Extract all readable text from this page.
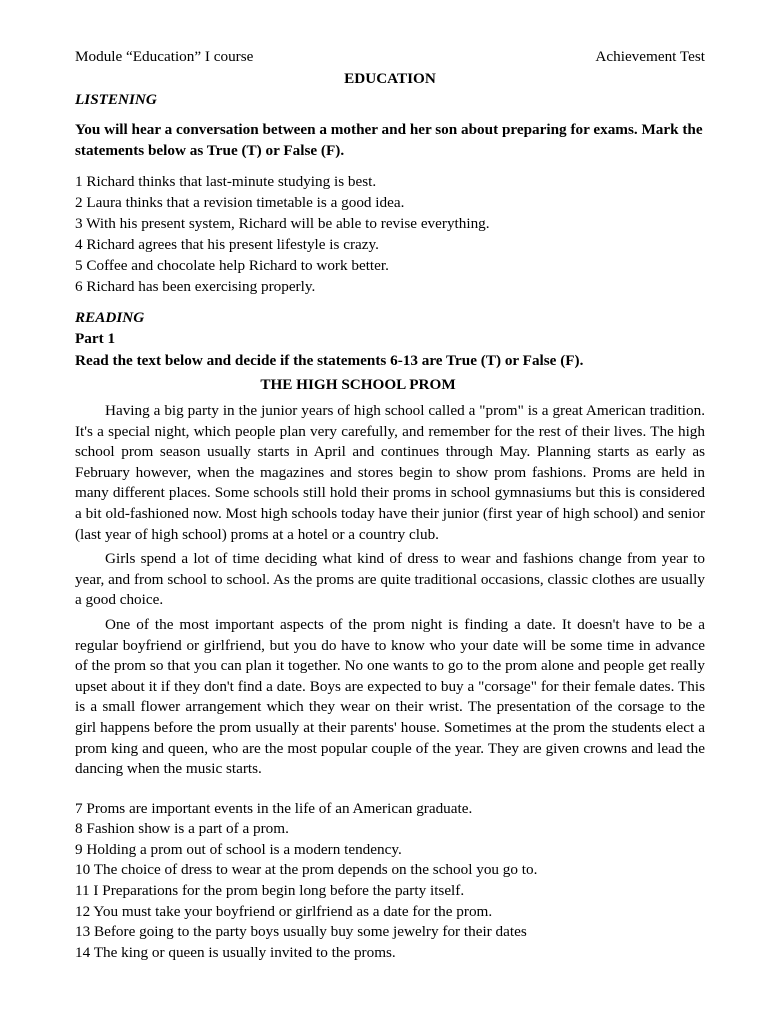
Module “Education” I course	Achievement Test
EDUCATION
LISTENING
You will hear a conversation between a mother and her son about preparing for exams. Mark the statements below as True (T) or False (F).
1 Richard thinks that last-minute studying is best.
2 Laura thinks that a revision timetable is a good idea.
3 With his present system, Richard will be able to revise everything.
4 Richard agrees that his present lifestyle is crazy.
5 Coffee and chocolate help Richard to work better.
6 Richard has been exercising properly.
READING
Part 1
Read the text below and decide if the statements 6-13 are True (T) or False (F).
THE HIGH SCHOOL PROM

Having a big party in the junior years of high school called a "prom" is a great American tradition. It's a special night, which people plan very carefully, and remember for the rest of their lives. The high school prom season usually starts in April and continues through May. Planning starts as early as February however, when the magazines and stores begin to show prom fashions. Proms are held in many different places. Some schools still hold their proms in school gymnasiums but this is considered a bit old-fashioned now. Most high schools today have their junior (first year of high school) and senior (last year of high school) proms at a hotel or a country club.

Girls spend a lot of time deciding what kind of dress to wear and fashions change from year to year, and from school to school. As the proms are quite traditional occasions, classic clothes are usually a good choice.

One of the most important aspects of the prom night is finding a date. It doesn't have to be a regular boyfriend or girlfriend, but you do have to know who your date will be some time in advance of the prom so that you can plan it together. No one wants to go to the prom alone and people get really upset about it if they don't find a date. Boys are expected to buy a "corsage" for their female dates. This is a small flower arrangement which they wear on their wrist. The presentation of the corsage to the girl happens before the prom usually at their parents' house. Sometimes at the prom the students elect a prom king and queen, who are the most popular couple of the year. They are given crowns and lead the dancing when the music starts.

7 Proms are important events in the life of an American graduate.
8 Fashion show is a part of a prom.
9 Holding a prom out of school is a modern tendency.
10 The choice of dress to wear at the prom depends on the school you go to.
11 I Preparations for the prom begin long before the party itself.
12 You must take your boyfriend or girlfriend as a date for the prom.
13 Before going to the party boys usually buy some jewelry for their dates
14 The king or queen is usually invited to the proms.
